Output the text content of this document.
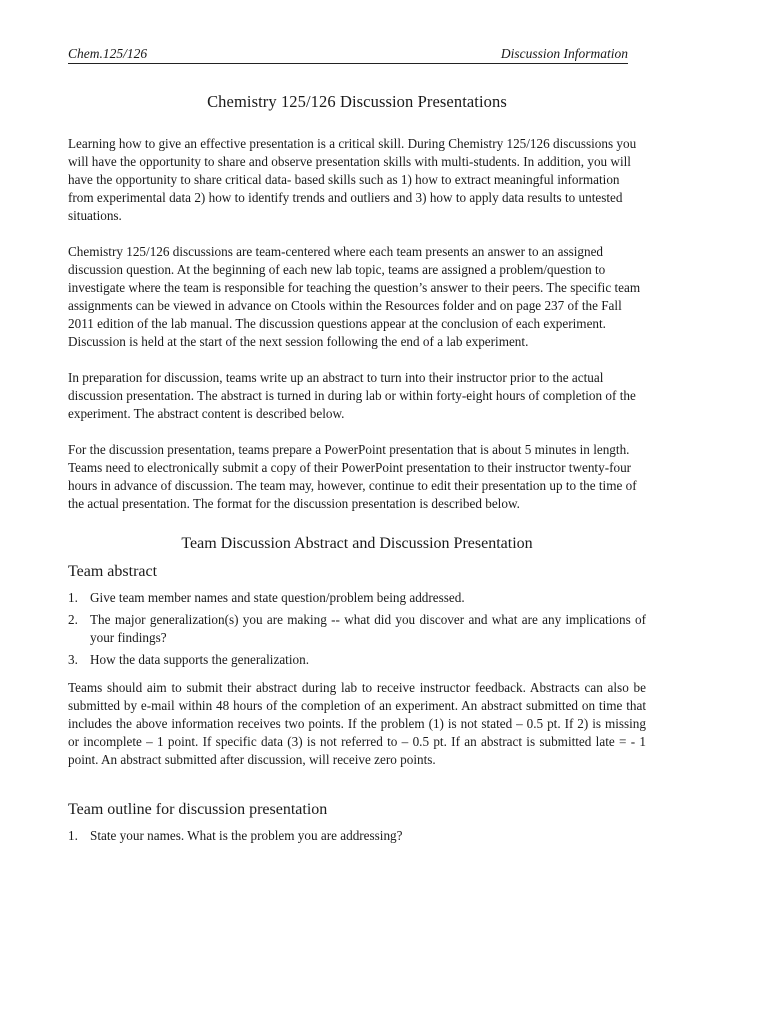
Chem.125/126	Discussion Information
Chemistry 125/126 Discussion Presentations

Learning how to give an effective presentation is a critical skill. During Chemistry 125/126 discussions you will have the opportunity to share and observe presentation skills with multi-students. In addition, you will have the opportunity to share critical data- based skills such as 1) how to extract meaningful information from experimental data 2) how to identify trends and outliers and 3) how to apply data results to untested situations.

Chemistry 125/126 discussions are team-centered where each team presents an answer to an assigned discussion question. At the beginning of each new lab topic, teams are assigned a problem/question to investigate where the team is responsible for teaching the question’s answer to their peers. The specific team assignments can be viewed in advance on Ctools within the Resources folder and on page 237 of the Fall 2011 edition of the lab manual. The discussion questions appear at the conclusion of each experiment. Discussion is held at the start of the next session following the end of a lab experiment.

In preparation for discussion, teams write up an abstract to turn into their instructor prior to the actual discussion presentation. The abstract is turned in during lab or within forty-eight hours of completion of the experiment. The abstract content is described below.

For the discussion presentation, teams prepare a PowerPoint presentation that is about 5 minutes in length. Teams need to electronically submit a copy of their PowerPoint presentation to their instructor twenty-four hours in advance of discussion. The team may, however, continue to edit their presentation up to the time of the actual presentation. The format for the discussion presentation is described below.

Team Discussion Abstract and Discussion Presentation
Team abstract
1. Give team member names and state question/problem being addressed.
2. The major generalization(s) you are making -- what did you discover and what are any implications of your findings?
3. How the data supports the generalization.

Teams should aim to submit their abstract during lab to receive instructor feedback. Abstracts can also be submitted by e-mail within 48 hours of the completion of an experiment. An abstract submitted on time that includes the above information receives two points. If the problem (1) is not stated – 0.5 pt. If 2) is missing or incomplete – 1 point. If specific data (3) is not referred to – 0.5 pt. If an abstract is submitted late = - 1 point. An abstract submitted after discussion, will receive zero points.

Team outline for discussion presentation
1. State your names. What is the problem you are addressing?
